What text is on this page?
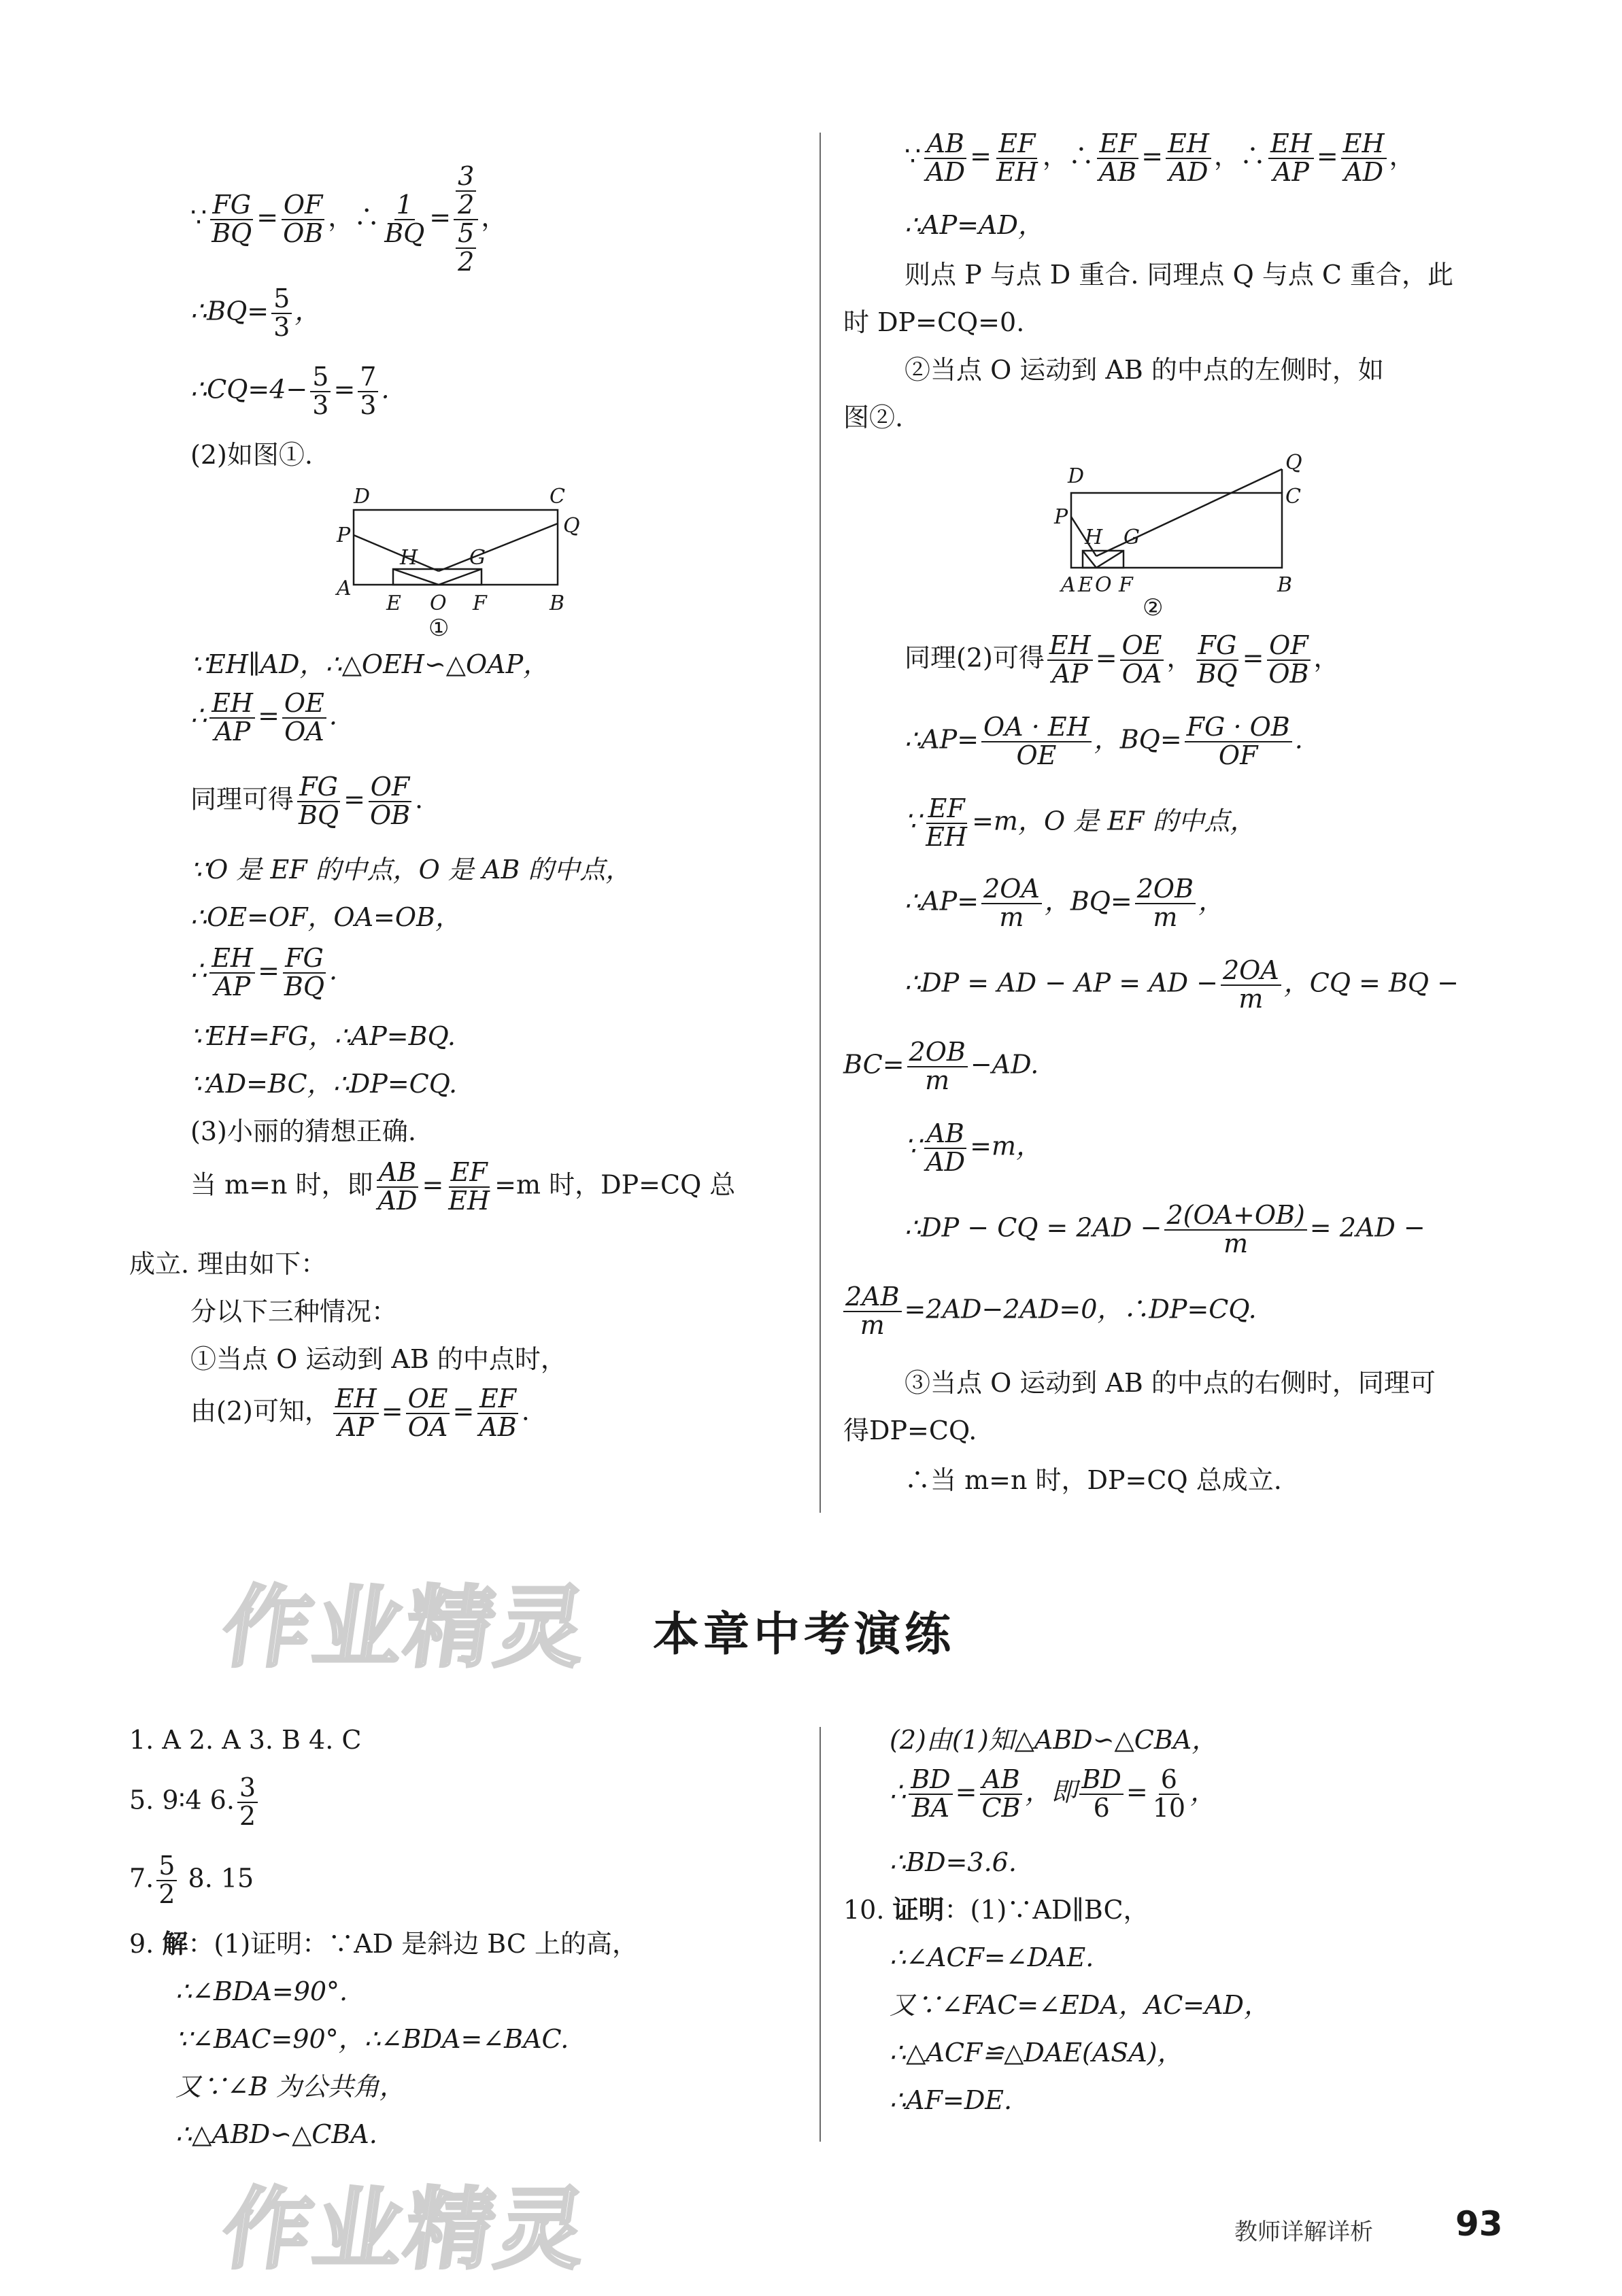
∵ $\frac{FG}{BQ} = \frac{OF}{OB}$ ，∴ $\frac{1}{BQ} = \frac{\frac{3}{2}}{\frac{5}{2}}$ ，
∴BQ= $\frac{5}{3}$ ，
∴CQ=4− $\frac{5}{3} = \frac{7}{3}$ .
(2)如图①.
D	C
P	Q
H	G
A
E O F	B
①
∵EH∥AD，∴△OEH∽△OAP，
∴ $\frac{EH}{AP} = \frac{OE}{OA}$ .
同理可得 $\frac{FG}{BQ} = \frac{OF}{OB}$ .
∵O 是 EF 的中点，O 是 AB 的中点，
∴OE=OF，OA=OB，
∴ $\frac{EH}{AP} = \frac{FG}{BQ}$ .
∵EH=FG，∴AP=BQ.
∵AD=BC，∴DP=CQ.
(3)小丽的猜想正确.
当 m=n 时，即 $\frac{AB}{AD} = \frac{EF}{EH} =m$ 时，DP=CQ 总
成立. 理由如下：
分以下三种情况：
①当点 O 运动到 AB 的中点时，
由(2)可知， $\frac{EH}{AP} = \frac{OE}{OA} = \frac{EF}{AB}$ .
∵ $\frac{AB}{AD} = \frac{EF}{EH}$ ，∴ $\frac{EF}{AB} = \frac{EH}{AD}$ ，∴ $\frac{EH}{AP} = \frac{EH}{AD}$ ，
∴AP=AD，
则点 P 与点 D 重合. 同理点 Q 与点 C 重合，此
时 DP=CQ=0.
②当点 O 运动到 AB 的中点的左侧时，如
图②.
D
Q
C
P
H G
A E O F	B
②
同理(2)可得 $\frac{EH}{AP} = \frac{OE}{OA}$ ， $\frac{FG}{BQ} = \frac{OF}{OB}$ ，
∴AP= $\frac{OA \cdot EH}{OE}$ ，$BQ= \frac{FG \cdot OB}{OF}$ .
∵ $\frac{EF}{EH} =m$，O 是 EF 的中点，
∴AP= $\frac{2OA}{m}$ ，$BQ= \frac{2OB}{m}$ ，
∴DP = AD − AP = AD − $\frac{2OA}{m}$ ，CQ = BQ −
$BC= \frac{2OB}{m} -AD$.
∵ $\frac{AB}{AD} =m$，
∴DP − CQ = $2AD - \frac{2(OA+OB)}{m} = 2AD$ −
$\frac{2AB}{m} =2AD-2AD=0$，∴DP=CQ.
③当点 O 运动到 AB 的中点的右侧时，同理可
得DP=CQ.
∴当 m=n 时，DP=CQ 总成立.
作业精灵 本章中考演练
作业精灵
1. A 2. A 3. B 4. C
5. 9∶4 6. $\frac{3}{2}$
7. $\frac{5}{2} 8$. 15
9. 解：(1)证明：∵AD 是斜边 BC 上的高，
∴∠BDA=90°.
∵∠BAC=90°，∴∠BDA=∠BAC.
又∵∠B 为公共角，
∴△ABD∽△CBA.
(2)由(1)知△ABD∽△CBA，
∴ $\frac{BD}{BA} = \frac{AB}{CB}$ ，即 $\frac{BD}{6} = \frac{6}{10}$ ，
∴BD=3.6.
10. 证明：(1)∵AD∥BC，
∴∠ACF=∠DAE.
又∵∠FAC=∠EDA，AC=AD，
∴△ACF≌△DAE(ASA)，
∴AF=DE.
教师详解详析 93
